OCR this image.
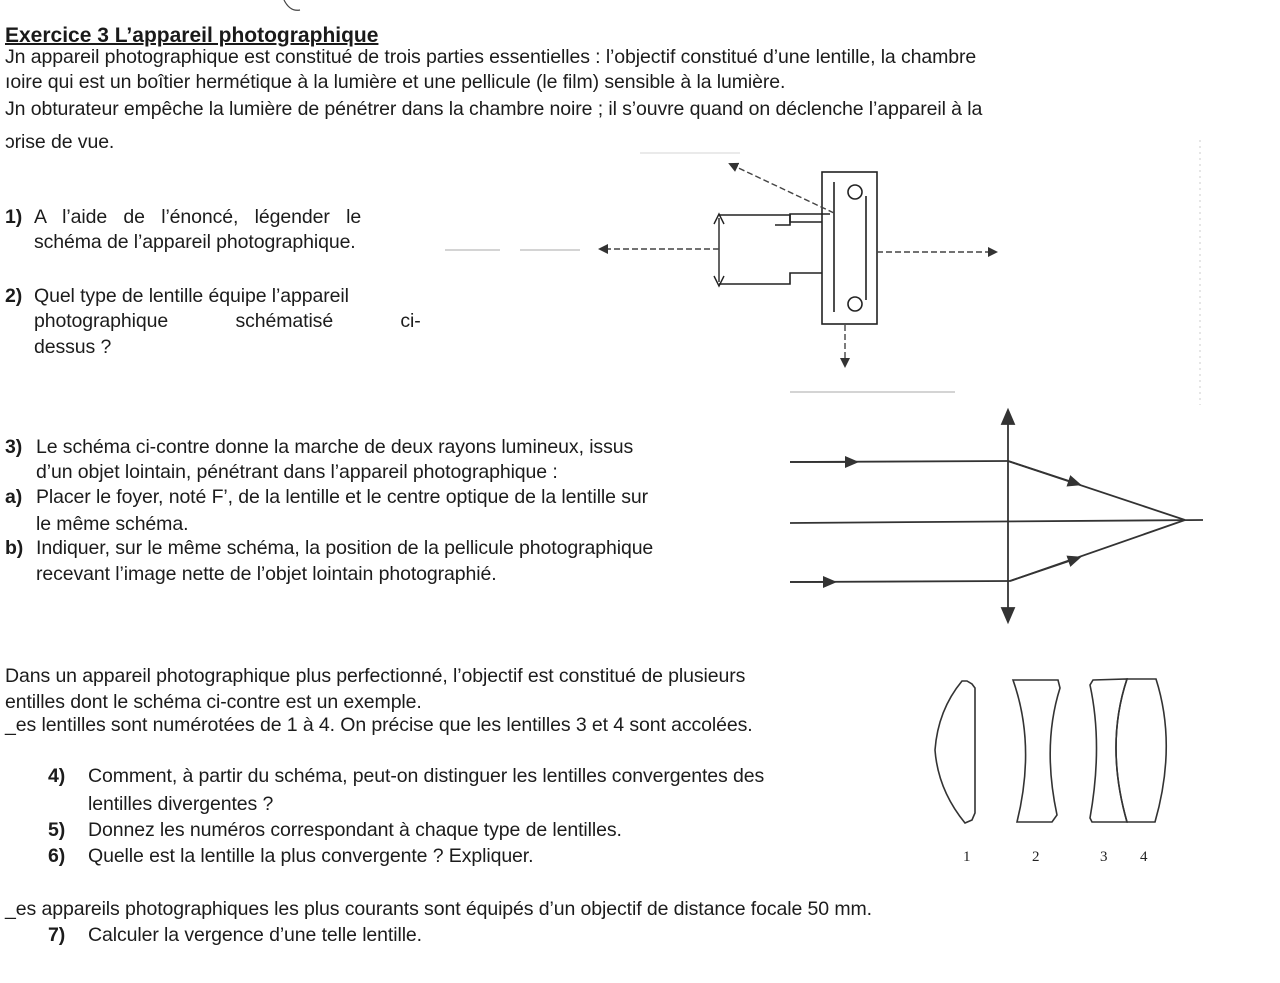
Exercice 3 L’appareil photographique
Jn appareil photographique est constitué de trois parties essentielles : l’objectif constitué d’une lentille, la chambre
ıoire qui est un boîtier hermétique à la lumière et une pellicule (le film) sensible à la lumière.
Jn obturateur empêche la lumière de pénétrer dans la chambre noire ; il s’ouvre quand on déclenche l’appareil à la
ɔrise de vue.
1) A l’aide de l’énoncé, légender le
schéma de l’appareil photographique.
2) Quel type de lentille équipe l’appareil
photographique schématisé ci-
dessus ?
3) Le schéma ci-contre donne la marche de deux rayons lumineux, issus
d’un objet lointain, pénétrant dans l’appareil photographique :
a) Placer le foyer, noté F’, de la lentille et le centre optique de la lentille sur
le même schéma.
b) Indiquer, sur le même schéma, la position de la pellicule photographique
recevant l’image nette de l’objet lointain photographié.
Dans un appareil photographique plus perfectionné, l’objectif est constitué de plusieurs
entilles dont le schéma ci-contre est un exemple.
_es lentilles sont numérotées de 1 à 4. On précise que les lentilles 3 et 4 sont accolées.
4) Comment, à partir du schéma, peut-on distinguer les lentilles convergentes des
lentilles divergentes ?
5) Donnez les numéros correspondant à chaque type de lentilles.
6) Quelle est la lentille la plus convergente ? Expliquer.	1	2	3 4
_es appareils photographiques les plus courants sont équipés d’un objectif de distance focale 50 mm.
7) Calculer la vergence d’une telle lentille.
